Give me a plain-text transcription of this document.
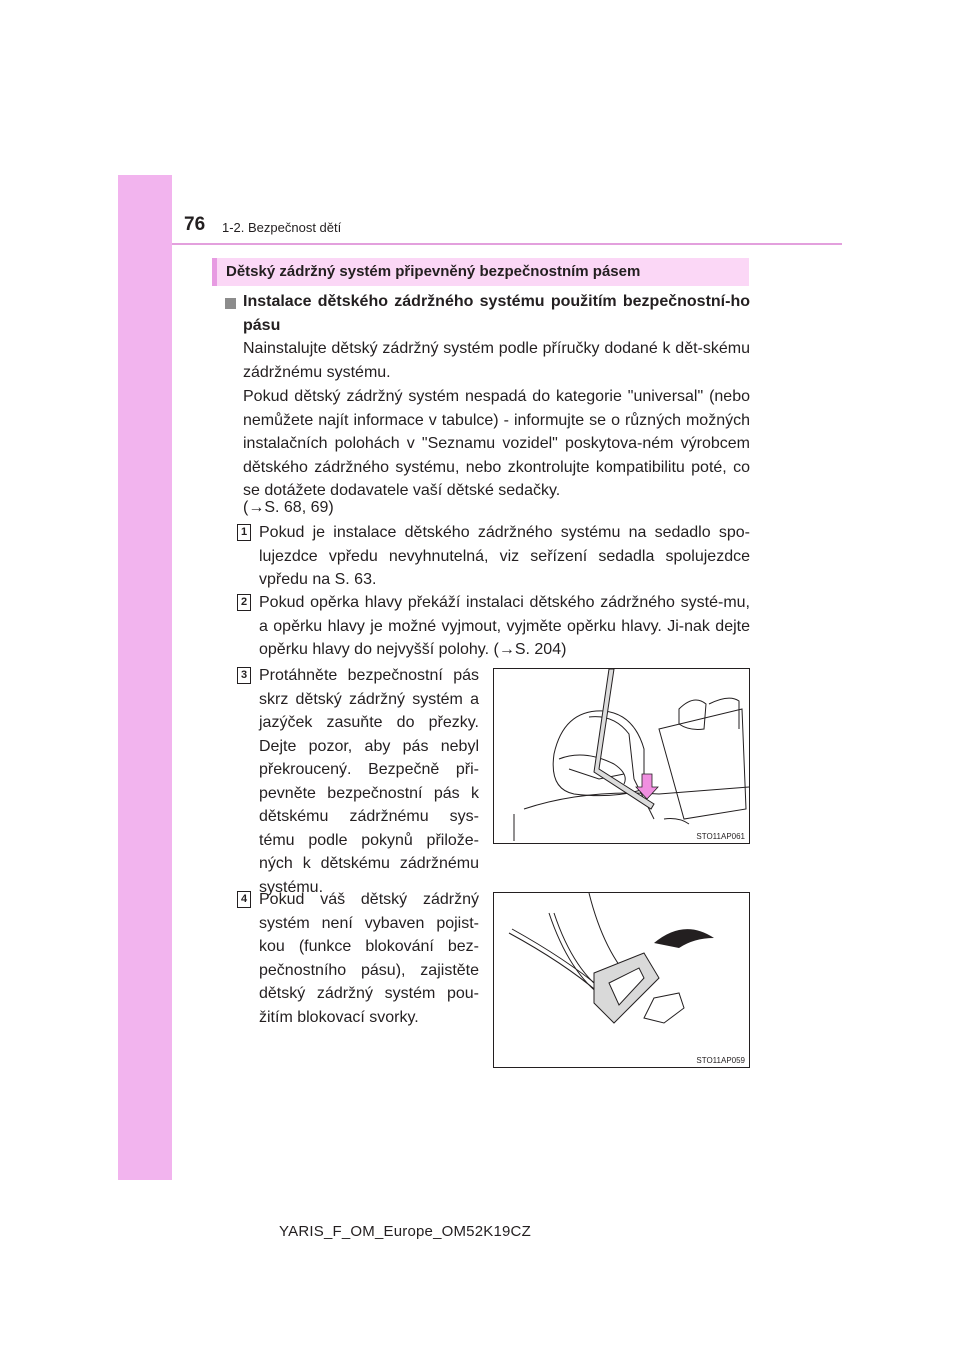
76 1-2. Bezpečnost dětí
Dětský zádržný systém připevněný bezpečnostním pásem
Instalace dětského zádržného systému použitím bezpečnostní-ho pásu
Nainstalujte dětský zádržný systém podle příručky dodané k dět-skému zádržnému systému.
Pokud dětský zádržný systém nespadá do kategorie "universal" (nebo nemůžete najít informace v tabulce) - informujte se o různých možných instalačních polohách v "Seznamu vozidel" poskytova-ném výrobcem dětského zádržného systému, nebo zkontrolujte kompatibilitu poté, co se dotážete dodavatele vaší dětské sedačky.
(→S. 68, 69)
1 Pokud je instalace dětského zádržného systému na sedadlo spo-lujezdce vpředu nevyhnutelná, viz seřízení sedadla spolujezdce vpředu na S. 63.
2 Pokud opěrka hlavy překáží instalaci dětského zádržného systé-mu, a opěrku hlavy je možné vyjmout, vyjměte opěrku hlavy. Ji-nak dejte opěrku hlavy do nejvyšší polohy. (→S. 204)
3 Protáhněte bezpečnostní pás skrz dětský zádržný systém a jazýček zasuňte do přezky. Dejte pozor, aby pás nebyl překroucený. Bezpečně při-pevněte bezpečnostní pás k dětskému zádržnému sys-tému podle pokynů přilože-ných k dětskému zádržnému systému.
4 Pokud váš dětský zádržný systém není vybaven pojist-kou (funkce blokování bez-pečnostního pásu), zajistěte dětský zádržný systém pou-žitím blokovací svorky.
STO11AP061
STO11AP059
YARIS_F_OM_Europe_OM52K19CZ
